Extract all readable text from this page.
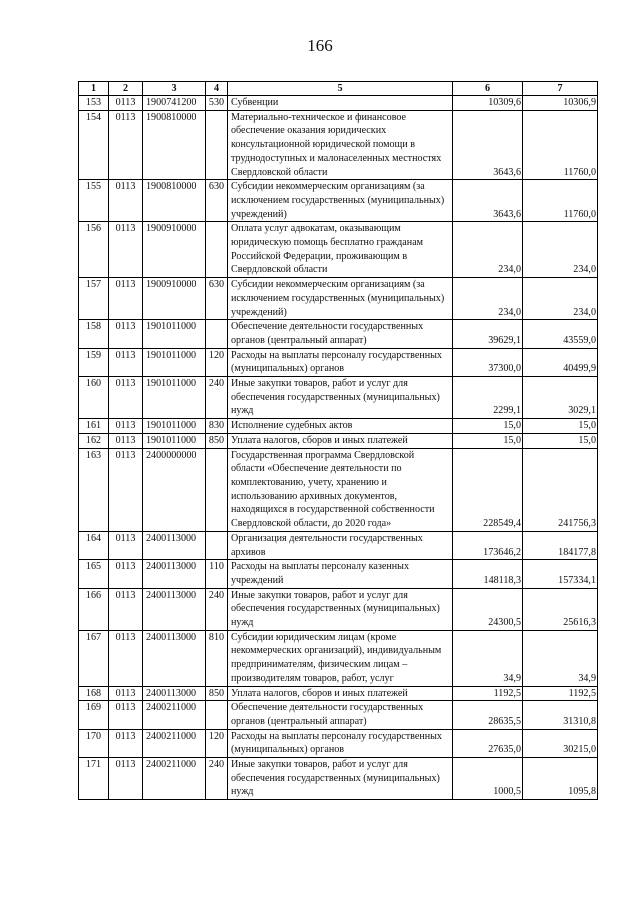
166
1	2	3	4	5	6	7
153	0113	1900741200	530	Субвенции	10309,6	10306,9
154	0113	1900810000		Материально-техническое и финансовое обеспечение оказания юридических консультационной юридической помощи в труднодоступных и малонаселенных местностях Свердловской области	3643,6	11760,0
155	0113	1900810000	630	Субсидии некоммерческим организациям (за исключением государственных (муниципальных) учреждений)	3643,6	11760,0
156	0113	1900910000		Оплата услуг адвокатам, оказывающим юридическую помощь бесплатно гражданам Российской Федерации, проживающим в Свердловской области	234,0	234,0
157	0113	1900910000	630	Субсидии некоммерческим организациям (за исключением государственных (муниципальных) учреждений)	234,0	234,0
158	0113	1901011000		Обеспечение деятельности государственных органов (центральный аппарат)	39629,1	43559,0
159	0113	1901011000	120	Расходы на выплаты персоналу государственных (муниципальных) органов	37300,0	40499,9
160	0113	1901011000	240	Иные закупки товаров, работ и услуг для обеспечения государственных (муниципальных) нужд	2299,1	3029,1
161	0113	1901011000	830	Исполнение судебных актов	15,0	15,0
162	0113	1901011000	850	Уплата налогов, сборов и иных платежей	15,0	15,0
163	0113	2400000000		Государственная программа Свердловской области «Обеспечение деятельности по комплектованию, учету, хранению и использованию архивных документов, находящихся в государственной собственности Свердловской области, до 2020 года»	228549,4	241756,3
164	0113	2400113000		Организация деятельности государственных архивов	173646,2	184177,8
165	0113	2400113000	110	Расходы на выплаты персоналу казенных учреждений	148118,3	157334,1
166	0113	2400113000	240	Иные закупки товаров, работ и услуг для обеспечения государственных (муниципальных) нужд	24300,5	25616,3
167	0113	2400113000	810	Субсидии юридическим лицам (кроме некоммерческих организаций), индивидуальным предпринимателям, физическим лицам – производителям товаров, работ, услуг	34,9	34,9
168	0113	2400113000	850	Уплата налогов, сборов и иных платежей	1192,5	1192,5
169	0113	2400211000		Обеспечение деятельности государственных органов (центральный аппарат)	28635,5	31310,8
170	0113	2400211000	120	Расходы на выплаты персоналу государственных (муниципальных) органов	27635,0	30215,0
171	0113	2400211000	240	Иные закупки товаров, работ и услуг для обеспечения государственных (муниципальных) нужд	1000,5	1095,8
